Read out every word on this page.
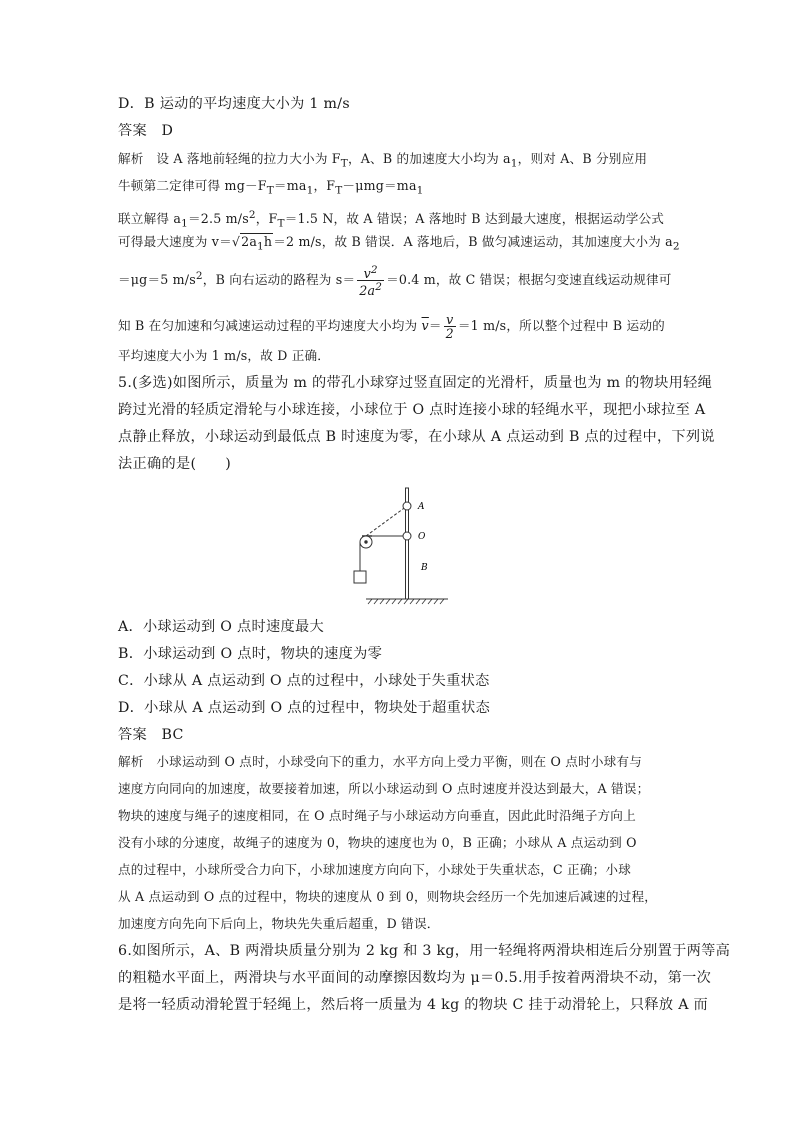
D．B 运动的平均速度大小为 1 m/s
答案　D
解析　设 A 落地前轻绳的拉力大小为 $F_T$，A、B 的加速度大小均为 $a_1$，则对 A、B 分别应用
牛顿第二定律可得 $mg-F_T=ma_1$，$F_T-\mu mg=ma_1$
联立解得 $a_1=2.5$ $m/s^2$，$F_T=1.5$ N，故 A 错误；A 落地时 B 达到最大速度，根据运动学公式
可得最大速度为 $v=√2a_1h=2$ m/s，故 B 错误．A 落地后，B 做匀减速运动，其加速度大小为 $a_2$
＝μg＝5 $m/s^2$，B 向右运动的路程为 $s= \frac{v^2}{2a^2} =0.4$ m，故 C 错误；根据匀变速直线运动规律可
知 B 在匀加速和匀减速运动过程的平均速度大小均为 $\overline{v}= \frac{v}{2} =1$ m/s，所以整个过程中 B 运动的
平均速度大小为 1 m/s，故 D 正确．
5.(多选)如图所示，质量为 m 的带孔小球穿过竖直固定的光滑杆，质量也为 m 的物块用轻绳
跨过光滑的轻质定滑轮与小球连接，小球位于 O 点时连接小球的轻绳水平，现把小球拉至 A
点静止释放，小球运动到最低点 B 时速度为零，在小球从 A 点运动到 B 点的过程中，下列说
法正确的是(　　)
A
O
B
A．小球运动到 O 点时速度最大
B．小球运动到 O 点时，物块的速度为零
C．小球从 A 点运动到 O 点的过程中，小球处于失重状态
D．小球从 A 点运动到 O 点的过程中，物块处于超重状态
答案　BC
解析　小球运动到 O 点时，小球受向下的重力，水平方向上受力平衡，则在 O 点时小球有与
速度方向同向的加速度，故要接着加速，所以小球运动到 O 点时速度并没达到最大，A 错误；
物块的速度与绳子的速度相同，在 O 点时绳子与小球运动方向垂直，因此此时沿绳子方向上
没有小球的分速度，故绳子的速度为 0，物块的速度也为 0，B 正确；小球从 A 点运动到 O
点的过程中，小球所受合力向下，小球加速度方向向下，小球处于失重状态，C 正确；小球
从 A 点运动到 O 点的过程中，物块的速度从 0 到 0，则物块会经历一个先加速后减速的过程，
加速度方向先向下后向上，物块先失重后超重，D 错误．
6.如图所示，A、B 两滑块质量分别为 2 kg 和 3 kg，用一轻绳将两滑块相连后分别置于两等高
的粗糙水平面上，两滑块与水平面间的动摩擦因数均为 μ＝0.5.用手按着两滑块不动，第一次
是将一轻质动滑轮置于轻绳上，然后将一质量为 4 kg 的物块 C 挂于动滑轮上，只释放 A 而
